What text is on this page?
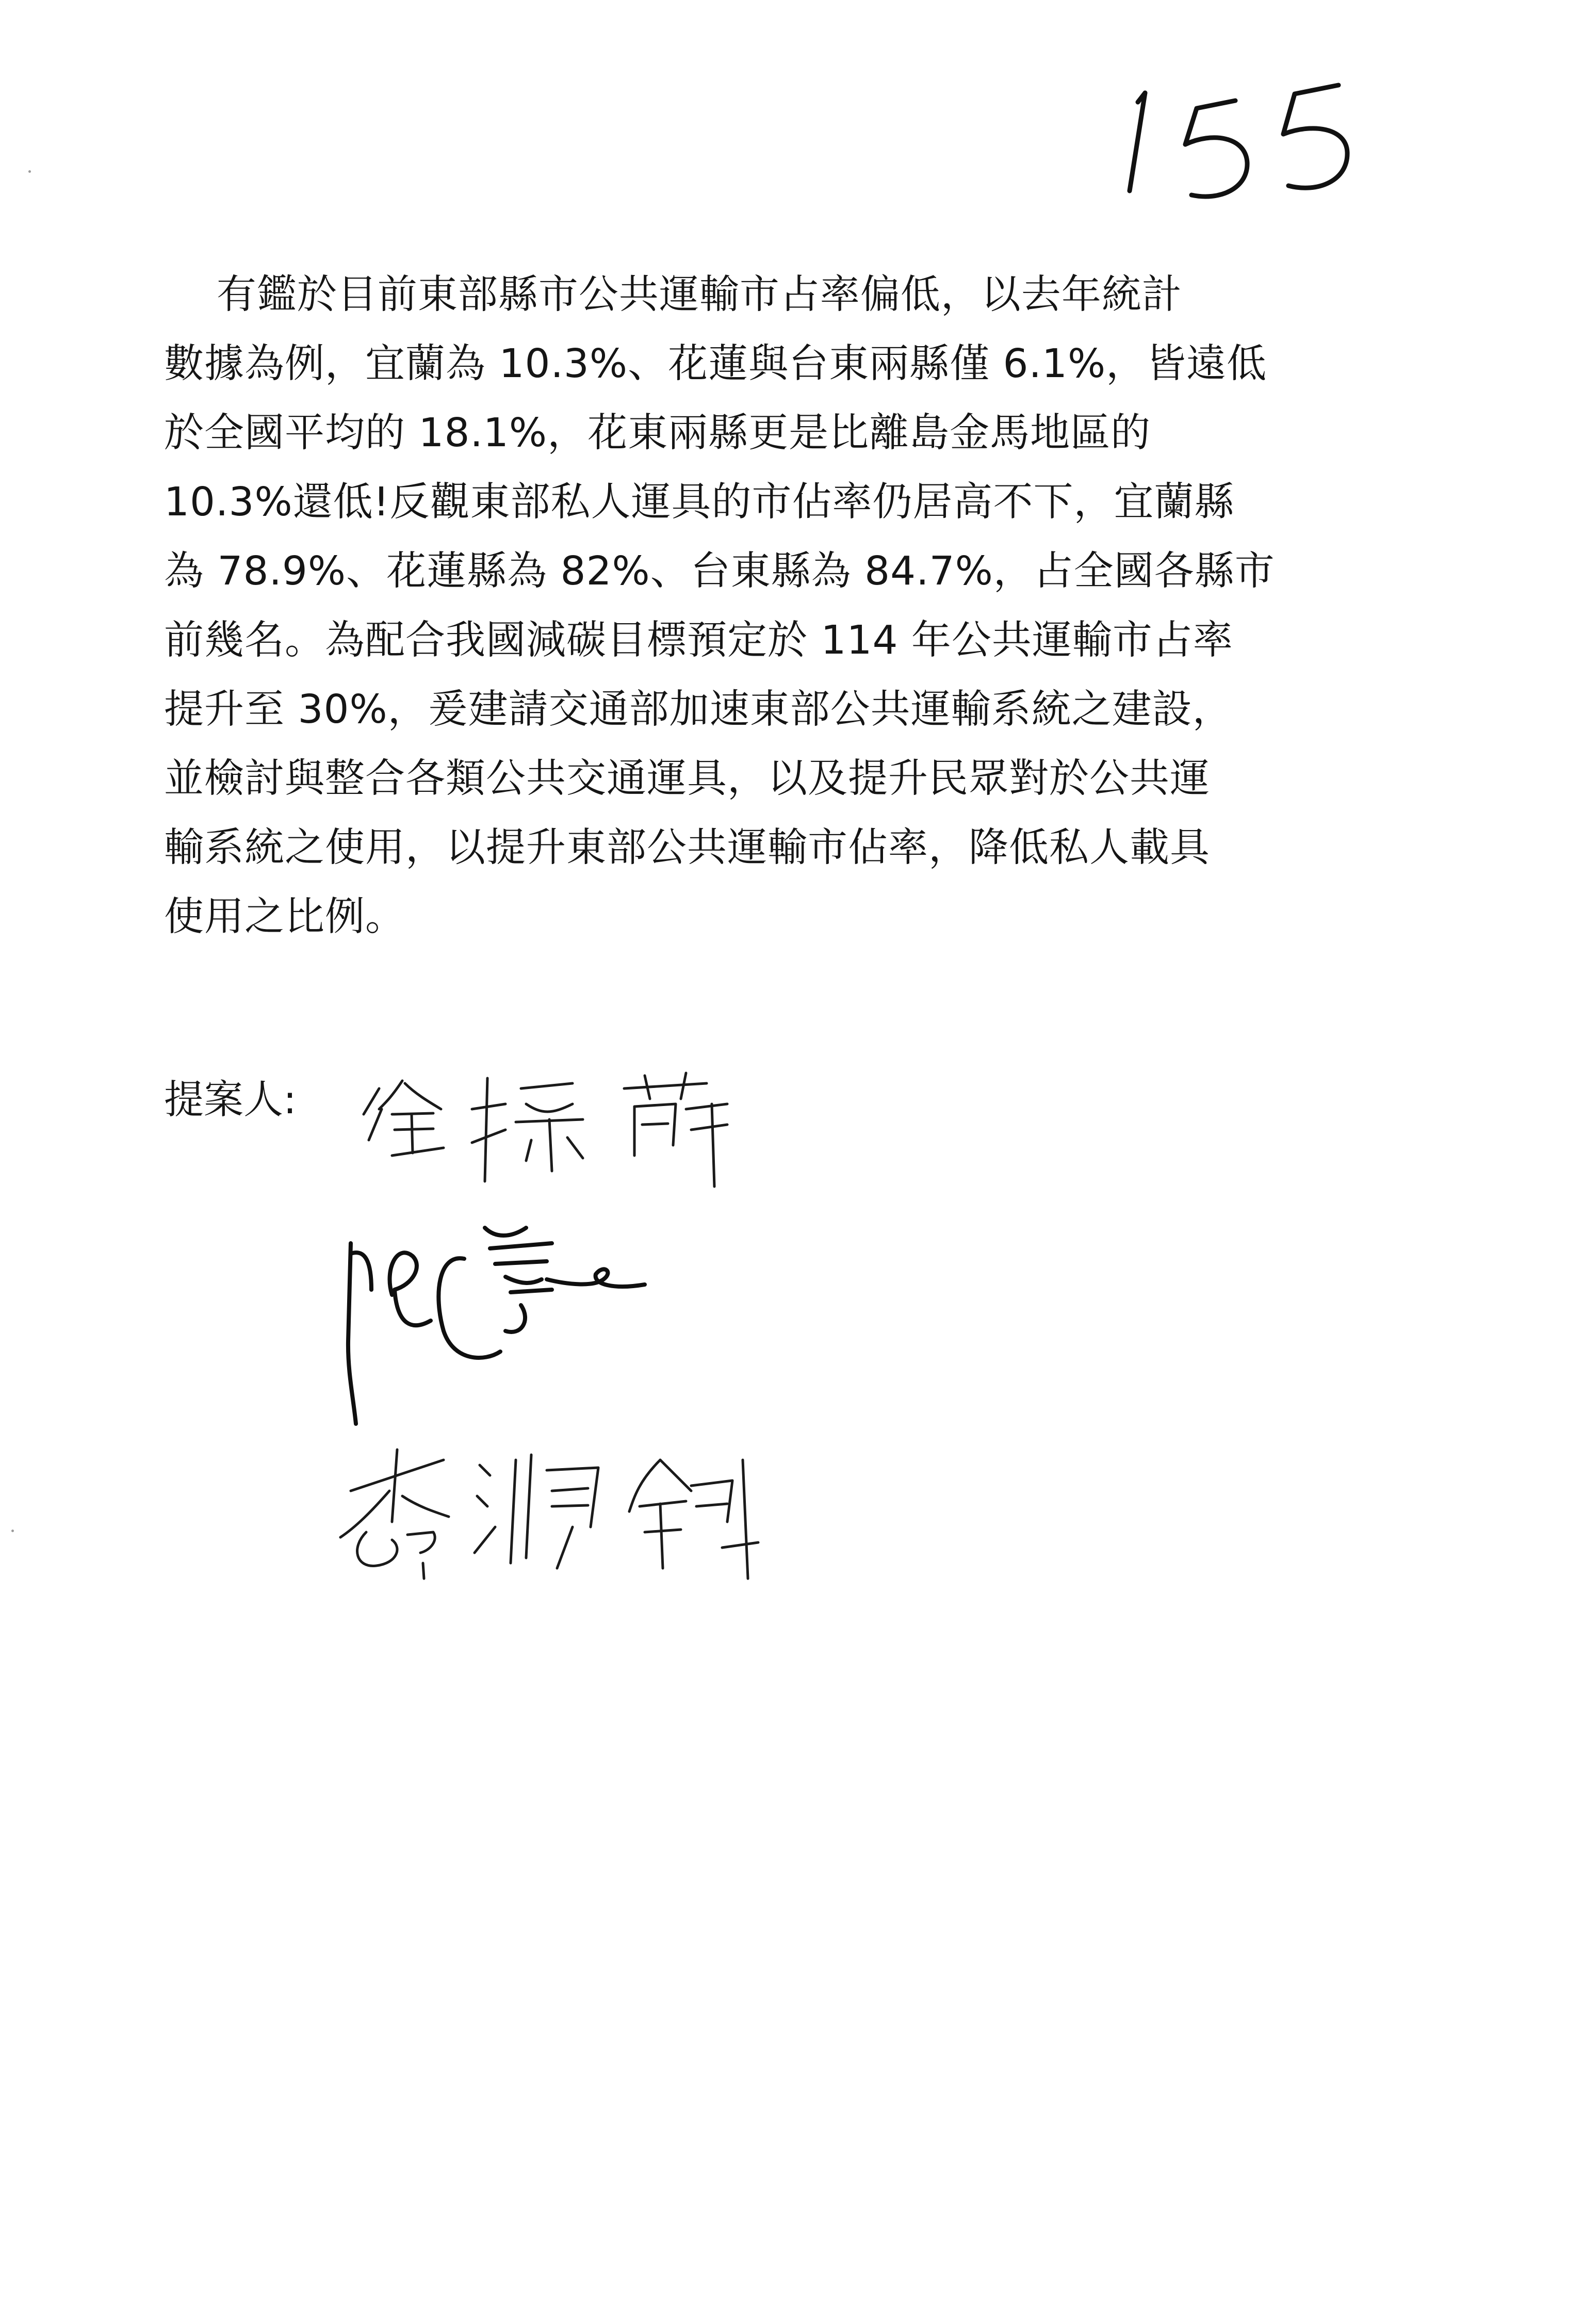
有鑑於目前東部縣市公共運輸市占率偏低，以去年統計
數據為例，宜蘭為 10.3%、花蓮與台東兩縣僅 6.1%，皆遠低
於全國平均的 18.1%，花東兩縣更是比離島金馬地區的
10.3%還低!反觀東部私人運具的市佔率仍居高不下，宜蘭縣
為 78.9%、花蓮縣為 82%、台東縣為 84.7%，占全國各縣市
前幾名。為配合我國減碳目標預定於 114 年公共運輸市占率
提升至 30%，爰建請交通部加速東部公共運輸系統之建設，
並檢討與整合各類公共交通運具，以及提升民眾對於公共運
輸系統之使用，以提升東部公共運輸市佔率，降低私人載具
使用之比例。
提案人:
